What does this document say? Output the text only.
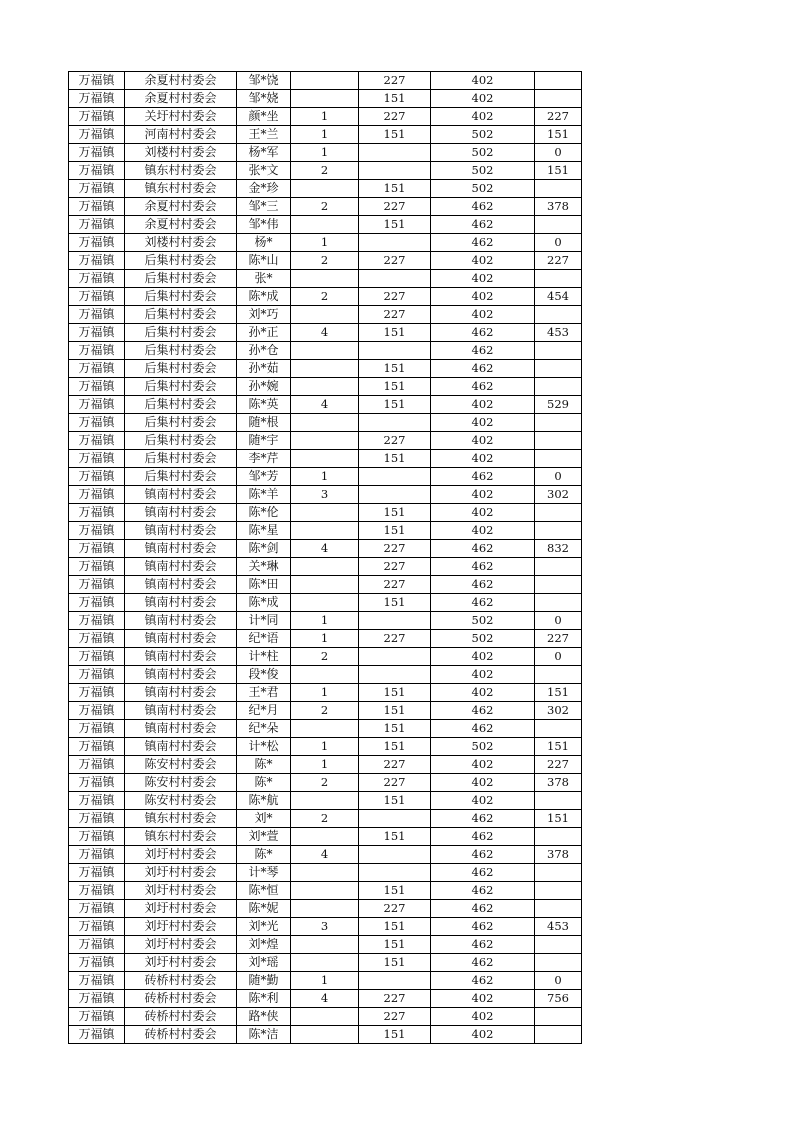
万福镇	余夏村村委会	邹*饶		227	402	
万福镇	余夏村村委会	邹*娆		151	402	
万福镇	关圩村村委会	颜*坐	1	227	402	227
万福镇	河南村村委会	王*兰	1	151	502	151
万福镇	刘楼村村委会	杨*军	1		502	0
万福镇	镇东村村委会	张*文	2		502	151
万福镇	镇东村村委会	金*珍		151	502	
万福镇	余夏村村委会	邹*三	2	227	462	378
万福镇	余夏村村委会	邹*伟		151	462	
万福镇	刘楼村村委会	杨*	1		462	0
万福镇	后集村村委会	陈*山	2	227	402	227
万福镇	后集村村委会	张*			402	
万福镇	后集村村委会	陈*成	2	227	402	454
万福镇	后集村村委会	刘*巧		227	402	
万福镇	后集村村委会	孙*正	4	151	462	453
万福镇	后集村村委会	孙*仓			462	
万福镇	后集村村委会	孙*茹		151	462	
万福镇	后集村村委会	孙*婉		151	462	
万福镇	后集村村委会	陈*英	4	151	402	529
万福镇	后集村村委会	随*根			402	
万福镇	后集村村委会	随*宇		227	402	
万福镇	后集村村委会	李*芹		151	402	
万福镇	后集村村委会	邹*芳	1		462	0
万福镇	镇南村村委会	陈*羊	3		402	302
万福镇	镇南村村委会	陈*伦		151	402	
万福镇	镇南村村委会	陈*星		151	402	
万福镇	镇南村村委会	陈*剑	4	227	462	832
万福镇	镇南村村委会	关*琳		227	462	
万福镇	镇南村村委会	陈*田		227	462	
万福镇	镇南村村委会	陈*成		151	462	
万福镇	镇南村村委会	计*同	1		502	0
万福镇	镇南村村委会	纪*语	1	227	502	227
万福镇	镇南村村委会	计*柱	2		402	0
万福镇	镇南村村委会	段*俊			402	
万福镇	镇南村村委会	王*君	1	151	402	151
万福镇	镇南村村委会	纪*月	2	151	462	302
万福镇	镇南村村委会	纪*朵		151	462	
万福镇	镇南村村委会	计*松	1	151	502	151
万福镇	陈安村村委会	陈*	1	227	402	227
万福镇	陈安村村委会	陈*	2	227	402	378
万福镇	陈安村村委会	陈*航		151	402	
万福镇	镇东村村委会	刘*	2		462	151
万福镇	镇东村村委会	刘*萱		151	462	
万福镇	刘圩村村委会	陈*	4		462	378
万福镇	刘圩村村委会	计*琴			462	
万福镇	刘圩村村委会	陈*恒		151	462	
万福镇	刘圩村村委会	陈*妮		227	462	
万福镇	刘圩村村委会	刘*光	3	151	462	453
万福镇	刘圩村村委会	刘*煌		151	462	
万福镇	刘圩村村委会	刘*瑶		151	462	
万福镇	砖桥村村委会	随*勤	1		462	0
万福镇	砖桥村村委会	陈*利	4	227	402	756
万福镇	砖桥村村委会	路*侠		227	402	
万福镇	砖桥村村委会	陈*洁		151	402	
